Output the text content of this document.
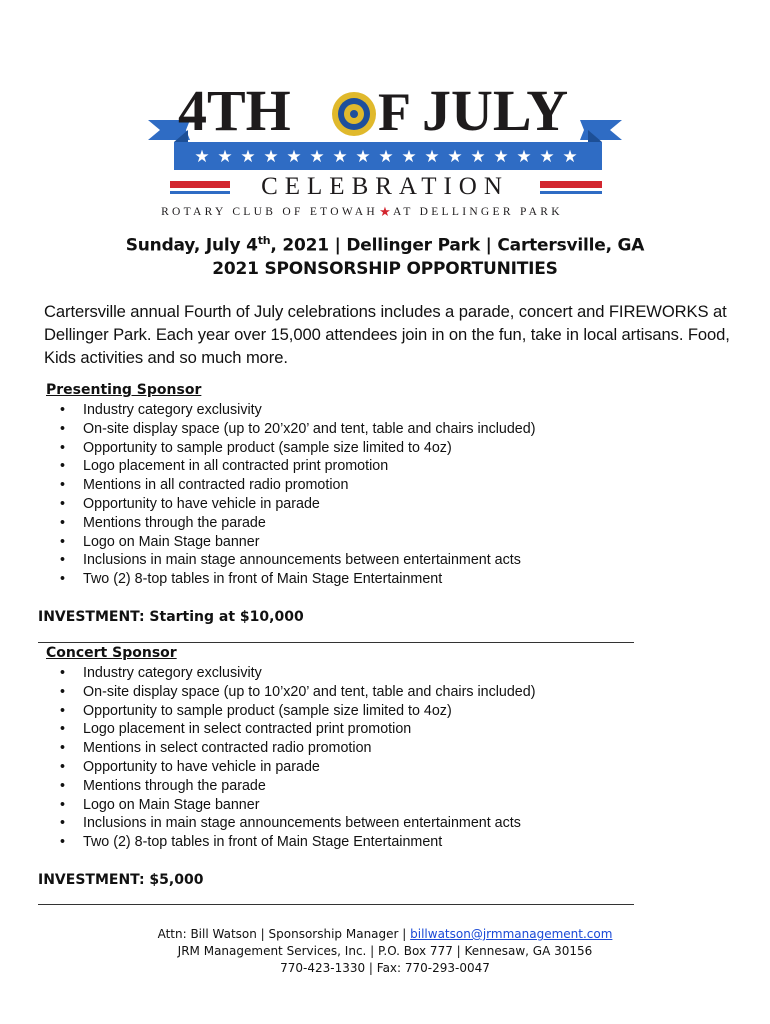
★ ★ ★ ★ ★ ★ ★ ★ ★ ★ ★ ★ ★ ★ ★ ★ ★
4TH F JULY
CELEBRATION
ROTARY CLUB OF ETOWAH ★ AT DELLINGER PARK
Sunday, July 4th, 2021 | Dellinger Park | Cartersville, GA
2021 SPONSORSHIP OPPORTUNITIES
Cartersville annual Fourth of July celebrations includes a parade, concert and FIREWORKS at Dellinger Park. Each year over 15,000 attendees join in on the fun, take in local artisans. Food, Kids activities and so much more.
Presenting Sponsor
• Industry category exclusivity
• On-site display space (up to 20’x20’ and tent, table and chairs included)
• Opportunity to sample product (sample size limited to 4oz)
• Logo placement in all contracted print promotion
• Mentions in all contracted radio promotion
• Opportunity to have vehicle in parade
• Mentions through the parade
• Logo on Main Stage banner
• Inclusions in main stage announcements between entertainment acts
• Two (2) 8-top tables in front of Main Stage Entertainment
INVESTMENT: Starting at $10,000
Concert Sponsor
• Industry category exclusivity
• On-site display space (up to 10’x20’ and tent, table and chairs included)
• Opportunity to sample product (sample size limited to 4oz)
• Logo placement in select contracted print promotion
• Mentions in select contracted radio promotion
• Opportunity to have vehicle in parade
• Mentions through the parade
• Logo on Main Stage banner
• Inclusions in main stage announcements between entertainment acts
• Two (2) 8-top tables in front of Main Stage Entertainment
INVESTMENT: $5,000
Attn: Bill Watson | Sponsorship Manager | billwatson@jrmmanagement.com
JRM Management Services, Inc. | P.O. Box 777 | Kennesaw, GA 30156
770-423-1330 | Fax: 770-293-0047
